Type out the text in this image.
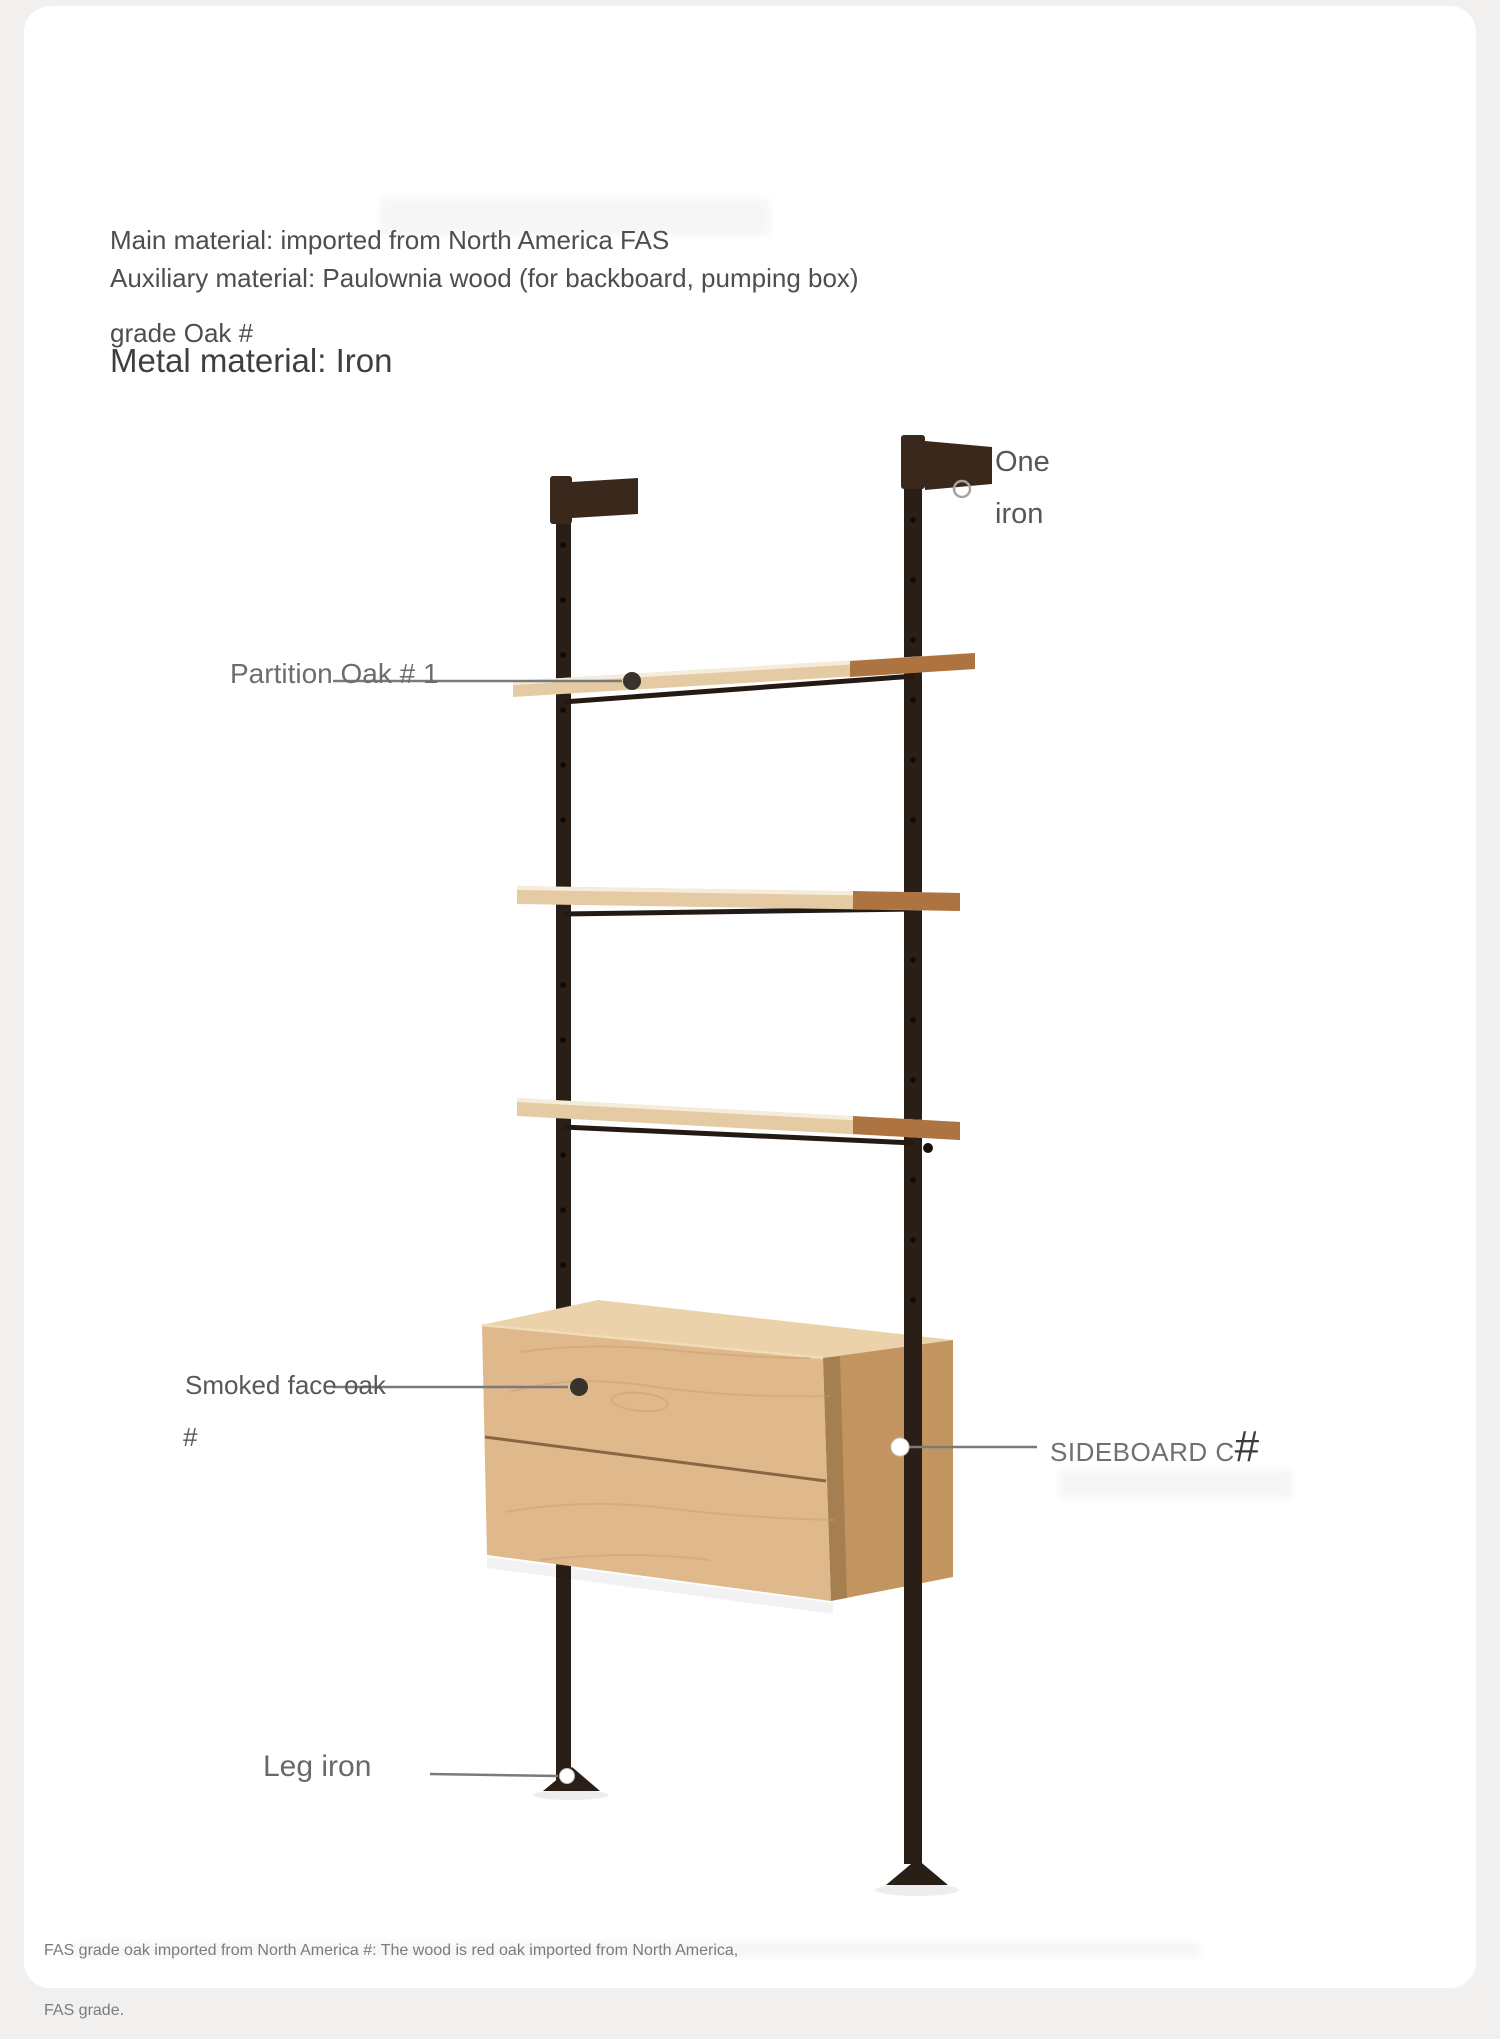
Main material: imported from North America FAS

grade Oak #

Auxiliary material: Paulownia wood (for backboard, pumping box)
Metal material: Iron
One
iron
Partition Oak # 1
Smoked face oak
#	SIDEBOARD C#
Leg iron

FAS grade oak imported from North America #: The wood is red oak imported from North America,

FAS grade.
